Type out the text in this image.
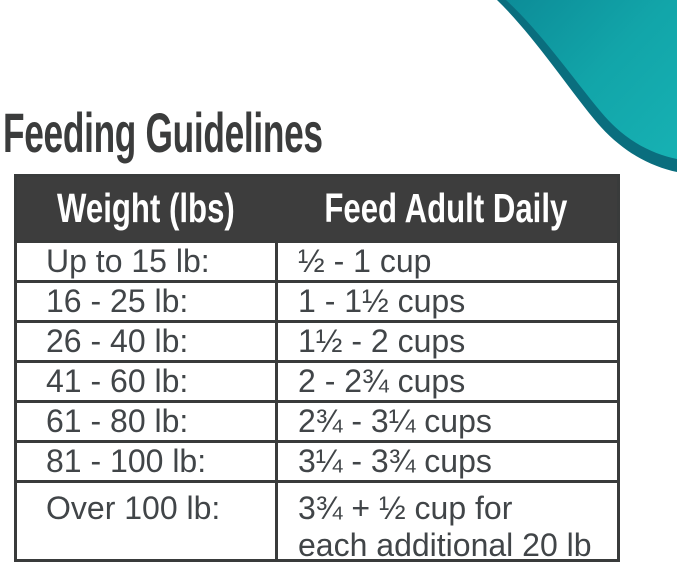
Feeding Guidelines
Weight (lbs)	Feed Adult Daily
Up to 15 lb:	½ - 1 cup
16 - 25 lb:	1 - 1½ cups
26 - 40 lb:	1½ - 2 cups
41 - 60 lb:	2 - 2¾ cups
61 - 80 lb:	2¾ - 3¼ cups
81 - 100 lb:	3¼ - 3¾ cups
Over 100 lb:	3¾ + ½ cup for
each additional 20 lb
